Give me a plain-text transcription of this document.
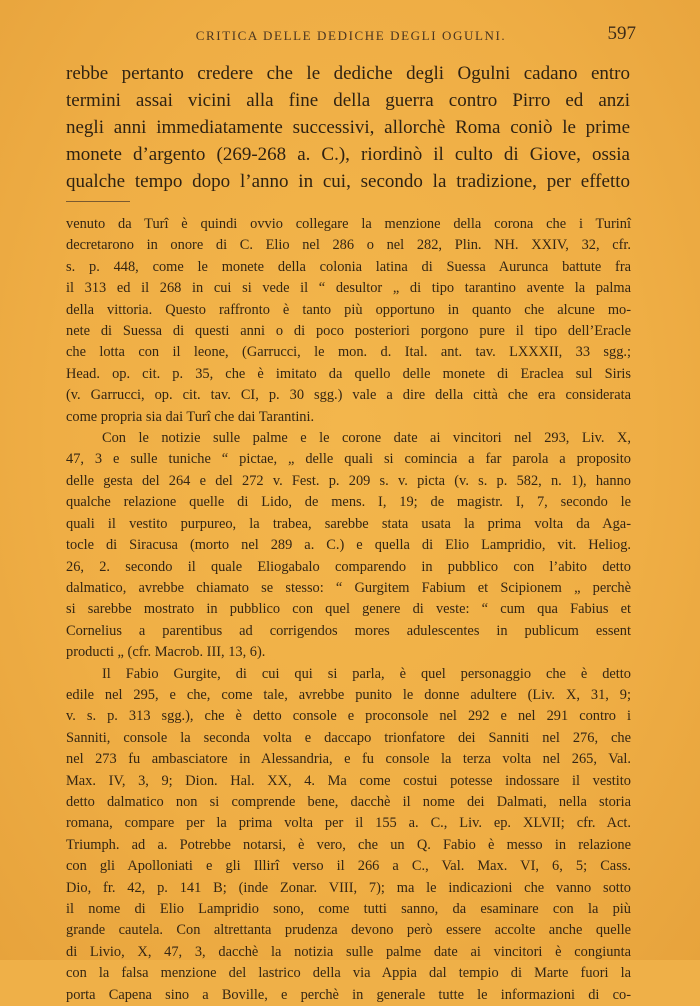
CRITICA DELLE DEDICHE DEGLI OGULNI.	597
rebbe pertanto credere che le dediche degli Ogulni cadano entro
termini assai vicini alla fine della guerra contro Pirro ed anzi
negli anni immediatamente successivi, allorchè Roma coniò le prime
monete d’argento (269-268 a. C.), riordinò il culto di Giove, ossia
qualche tempo dopo l’anno in cui, secondo la tradizione, per effetto
venuto da Turî è quindi ovvio collegare la menzione della corona che i Turinî
decretarono in onore di C. Elio nel 286 o nel 282, Plin. NH. XXIV, 32, cfr.
s. p. 448, come le monete della colonia latina di Suessa Aurunca battute fra
il 313 ed il 268 in cui si vede il “ desultor „ di tipo tarantino avente la palma
della vittoria. Questo raffronto è tanto più opportuno in quanto che alcune mo-
nete di Suessa di questi anni o di poco posteriori porgono pure il tipo dell’Eracle
che lotta con il leone, (Garrucci, le mon. d. Ital. ant. tav. LXXXII, 33 sgg.;
Head. op. cit. p. 35, che è imitato da quello delle monete di Eraclea sul Siris
(v. Garrucci, op. cit. tav. CI, p. 30 sgg.) vale a dire della città che era considerata
come propria sia dai Turî che dai Tarantini.
Con le notizie sulle palme e le corone date ai vincitori nel 293, Liv. X,
47, 3 e sulle tuniche “ pictae, „ delle quali si comincia a far parola a proposito
delle gesta del 264 e del 272 v. Fest. p. 209 s. v. picta (v. s. p. 582, n. 1), hanno
qualche relazione quelle di Lido, de mens. I, 19; de magistr. I, 7, secondo le
quali il vestito purpureo, la trabea, sarebbe stata usata la prima volta da Aga-
tocle di Siracusa (morto nel 289 a. C.) e quella di Elio Lampridio, vit. Heliog.
26, 2. secondo il quale Eliogabalo comparendo in pubblico con l’abito detto
dalmatico, avrebbe chiamato se stesso: “ Gurgitem Fabium et Scipionem „ perchè
si sarebbe mostrato in pubblico con quel genere di veste: “ cum qua Fabius et
Cornelius a parentibus ad corrigendos mores adulescentes in publicum essent
producti „ (cfr. Macrob. III, 13, 6).
Il Fabio Gurgite, di cui qui si parla, è quel personaggio che è detto
edile nel 295, e che, come tale, avrebbe punito le donne adultere (Liv. X, 31, 9;
v. s. p. 313 sgg.), che è detto console e proconsole nel 292 e nel 291 contro i
Sanniti, console la seconda volta e daccapo trionfatore dei Sanniti nel 276, che
nel 273 fu ambasciatore in Alessandria, e fu console la terza volta nel 265, Val.
Max. IV, 3, 9; Dion. Hal. XX, 4. Ma come costui potesse indossare il vestito
detto dalmatico non si comprende bene, dacchè il nome dei Dalmati, nella storia
romana, compare per la prima volta per il 155 a. C., Liv. ep. XLVII; cfr. Act.
Triumph. ad a. Potrebbe notarsi, è vero, che un Q. Fabio è messo in relazione
con gli Apolloniati e gli Illirî verso il 266 a C., Val. Max. VI, 6, 5; Cass.
Dio, fr. 42, p. 141 B; (inde Zonar. VIII, 7); ma le indicazioni che vanno sotto
il nome di Elio Lampridio sono, come tutti sanno, da esaminare con la più
grande cautela. Con altrettanta prudenza devono però essere accolte anche quelle
di Livio, X, 47, 3, dacchè la notizia sulle palme date ai vincitori è congiunta
con la falsa menzione del lastrico della via Appia dal tempio di Marte fuori la
porta Capena sino a Boville, e perchè in generale tutte le informazioni di co-
